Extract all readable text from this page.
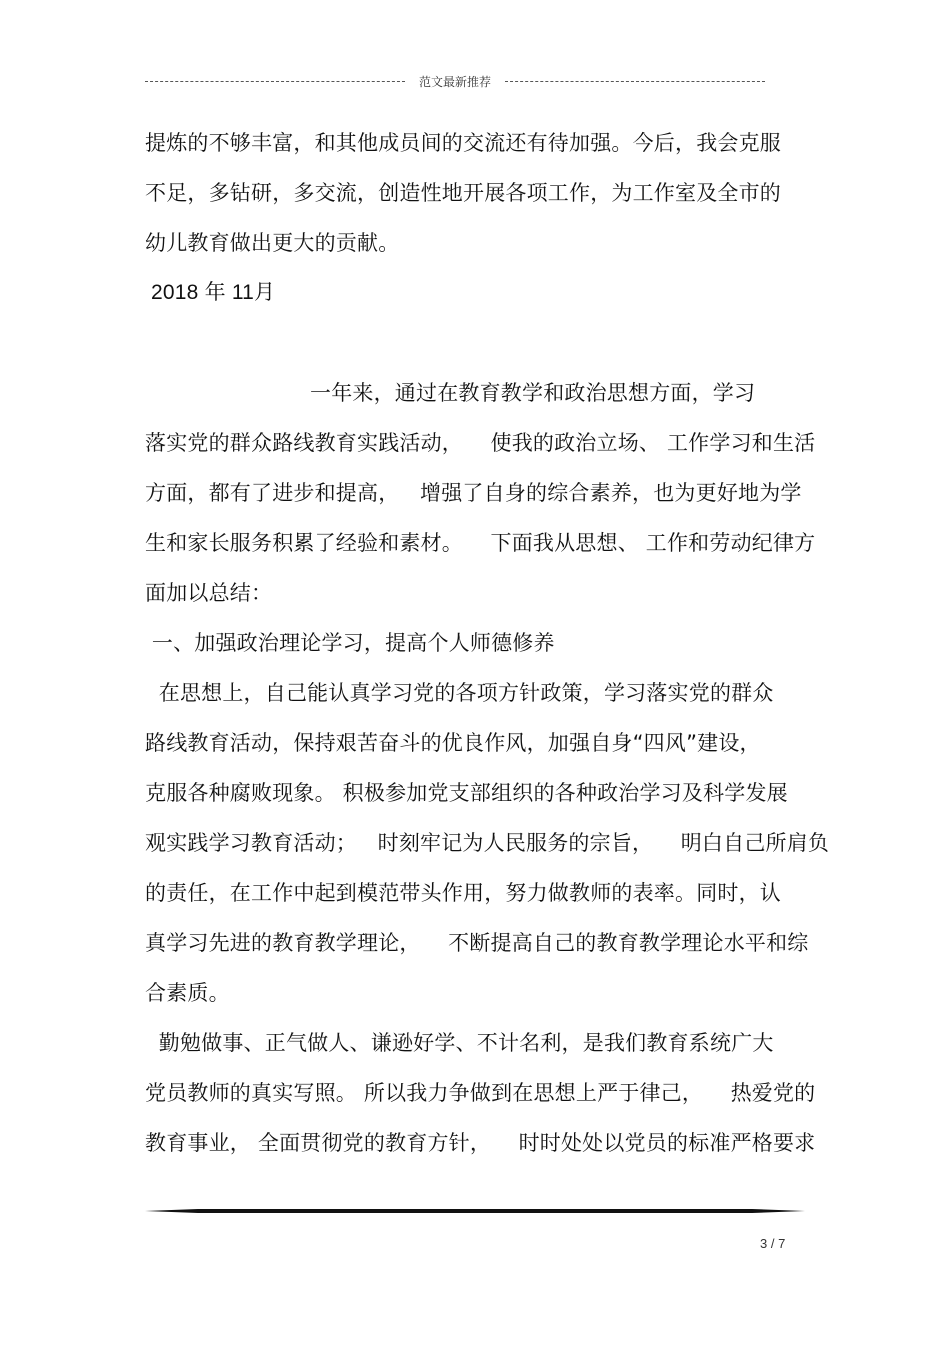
范文最新推荐
提炼的不够丰富，和其他成员间的交流还有待加强。今后，我会克服
不足，多钻研，多交流，创造性地开展各项工作，为工作室及全市的
幼儿教育做出更大的贡献。
2018 年 11月
一年来，通过在教育教学和政治思想方面，学习
落实党的群众路线教育实践活动，    使我的政治立场、 工作学习和生活
方面，都有了进步和提高，   增强了自身的综合素养，也为更好地为学
生和家长服务积累了经验和素材。    下面我从思想、 工作和劳动纪律方
面加以总结：
一、加强政治理论学习，提高个人师德修养
在思想上，自己能认真学习党的各项方针政策，学习落实党的群众
路线教育活动，保持艰苦奋斗的优良作风，加强自身“四风”建设，
克服各种腐败现象。 积极参加党支部组织的各种政治学习及科学发展
观实践学习教育活动；   时刻牢记为人民服务的宗旨，    明白自己所肩负
的责任，在工作中起到模范带头作用，努力做教师的表率。同时，认
真学习先进的教育教学理论，    不断提高自己的教育教学理论水平和综
合素质。
勤勉做事、正气做人、谦逊好学、不计名利，是我们教育系统广大
党员教师的真实写照。 所以我力争做到在思想上严于律己，    热爱党的
教育事业， 全面贯彻党的教育方针，    时时处处以党员的标准严格要求
3 / 7
